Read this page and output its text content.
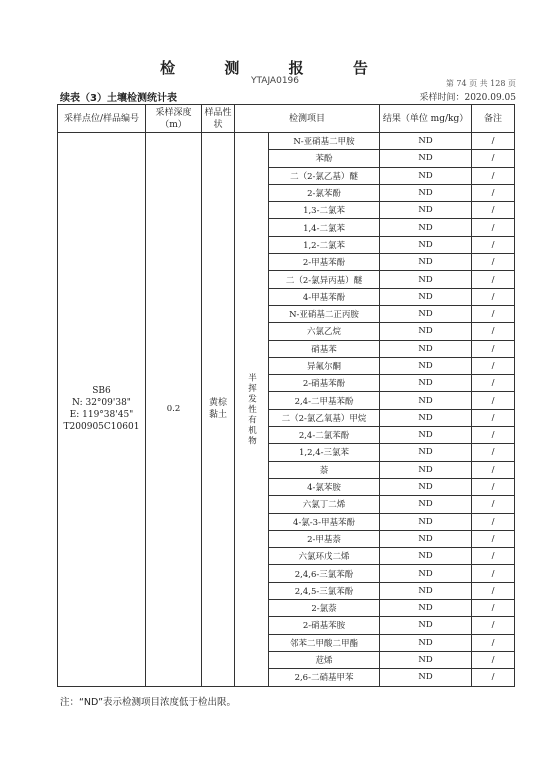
检 测 报 告
YTAJA0196	第 74 页 共 128 页
续表（3）土壤检测统计表	采样时间：2020.09.05
采样点位/样品编号	采样深度（m）	样品性状	检测项目		结果（单位 mg/kg）	备注

SB6
N: 32°09'38"
E: 119°38'45"
T200905C10601	0.2	黄棕黏土	半挥发性有机物	N-亚硝基二甲胺	ND	/
				苯酚	ND	/
				二（2-氯乙基）醚	ND	/
				2-氯苯酚	ND	/
				1,3-二氯苯	ND	/
				1,4-二氯苯	ND	/
				1,2-二氯苯	ND	/
				2-甲基苯酚	ND	/
				二（2-氯异丙基）醚	ND	/
				4-甲基苯酚	ND	/
				N-亚硝基二正丙胺	ND	/
				六氯乙烷	ND	/
				硝基苯	ND	/
				异氟尔酮	ND	/
				2-硝基苯酚	ND	/
				2,4-二甲基苯酚	ND	/
				二（2-氯乙氧基）甲烷	ND	/
				2,4-二氯苯酚	ND	/
				1,2,4-三氯苯	ND	/
				萘	ND	/
				4-氯苯胺	ND	/
				六氯丁二烯	ND	/
				4-氯-3-甲基苯酚	ND	/
				2-甲基萘	ND	/
				六氯环戊二烯	ND	/
				2,4,6-三氯苯酚	ND	/
				2,4,5-三氯苯酚	ND	/
				2-氯萘	ND	/
				2-硝基苯胺	ND	/
				邻苯二甲酸二甲酯	ND	/
				苊烯	ND	/
				2,6-二硝基甲苯	ND	/
注：“ND”表示检测项目浓度低于检出限。
